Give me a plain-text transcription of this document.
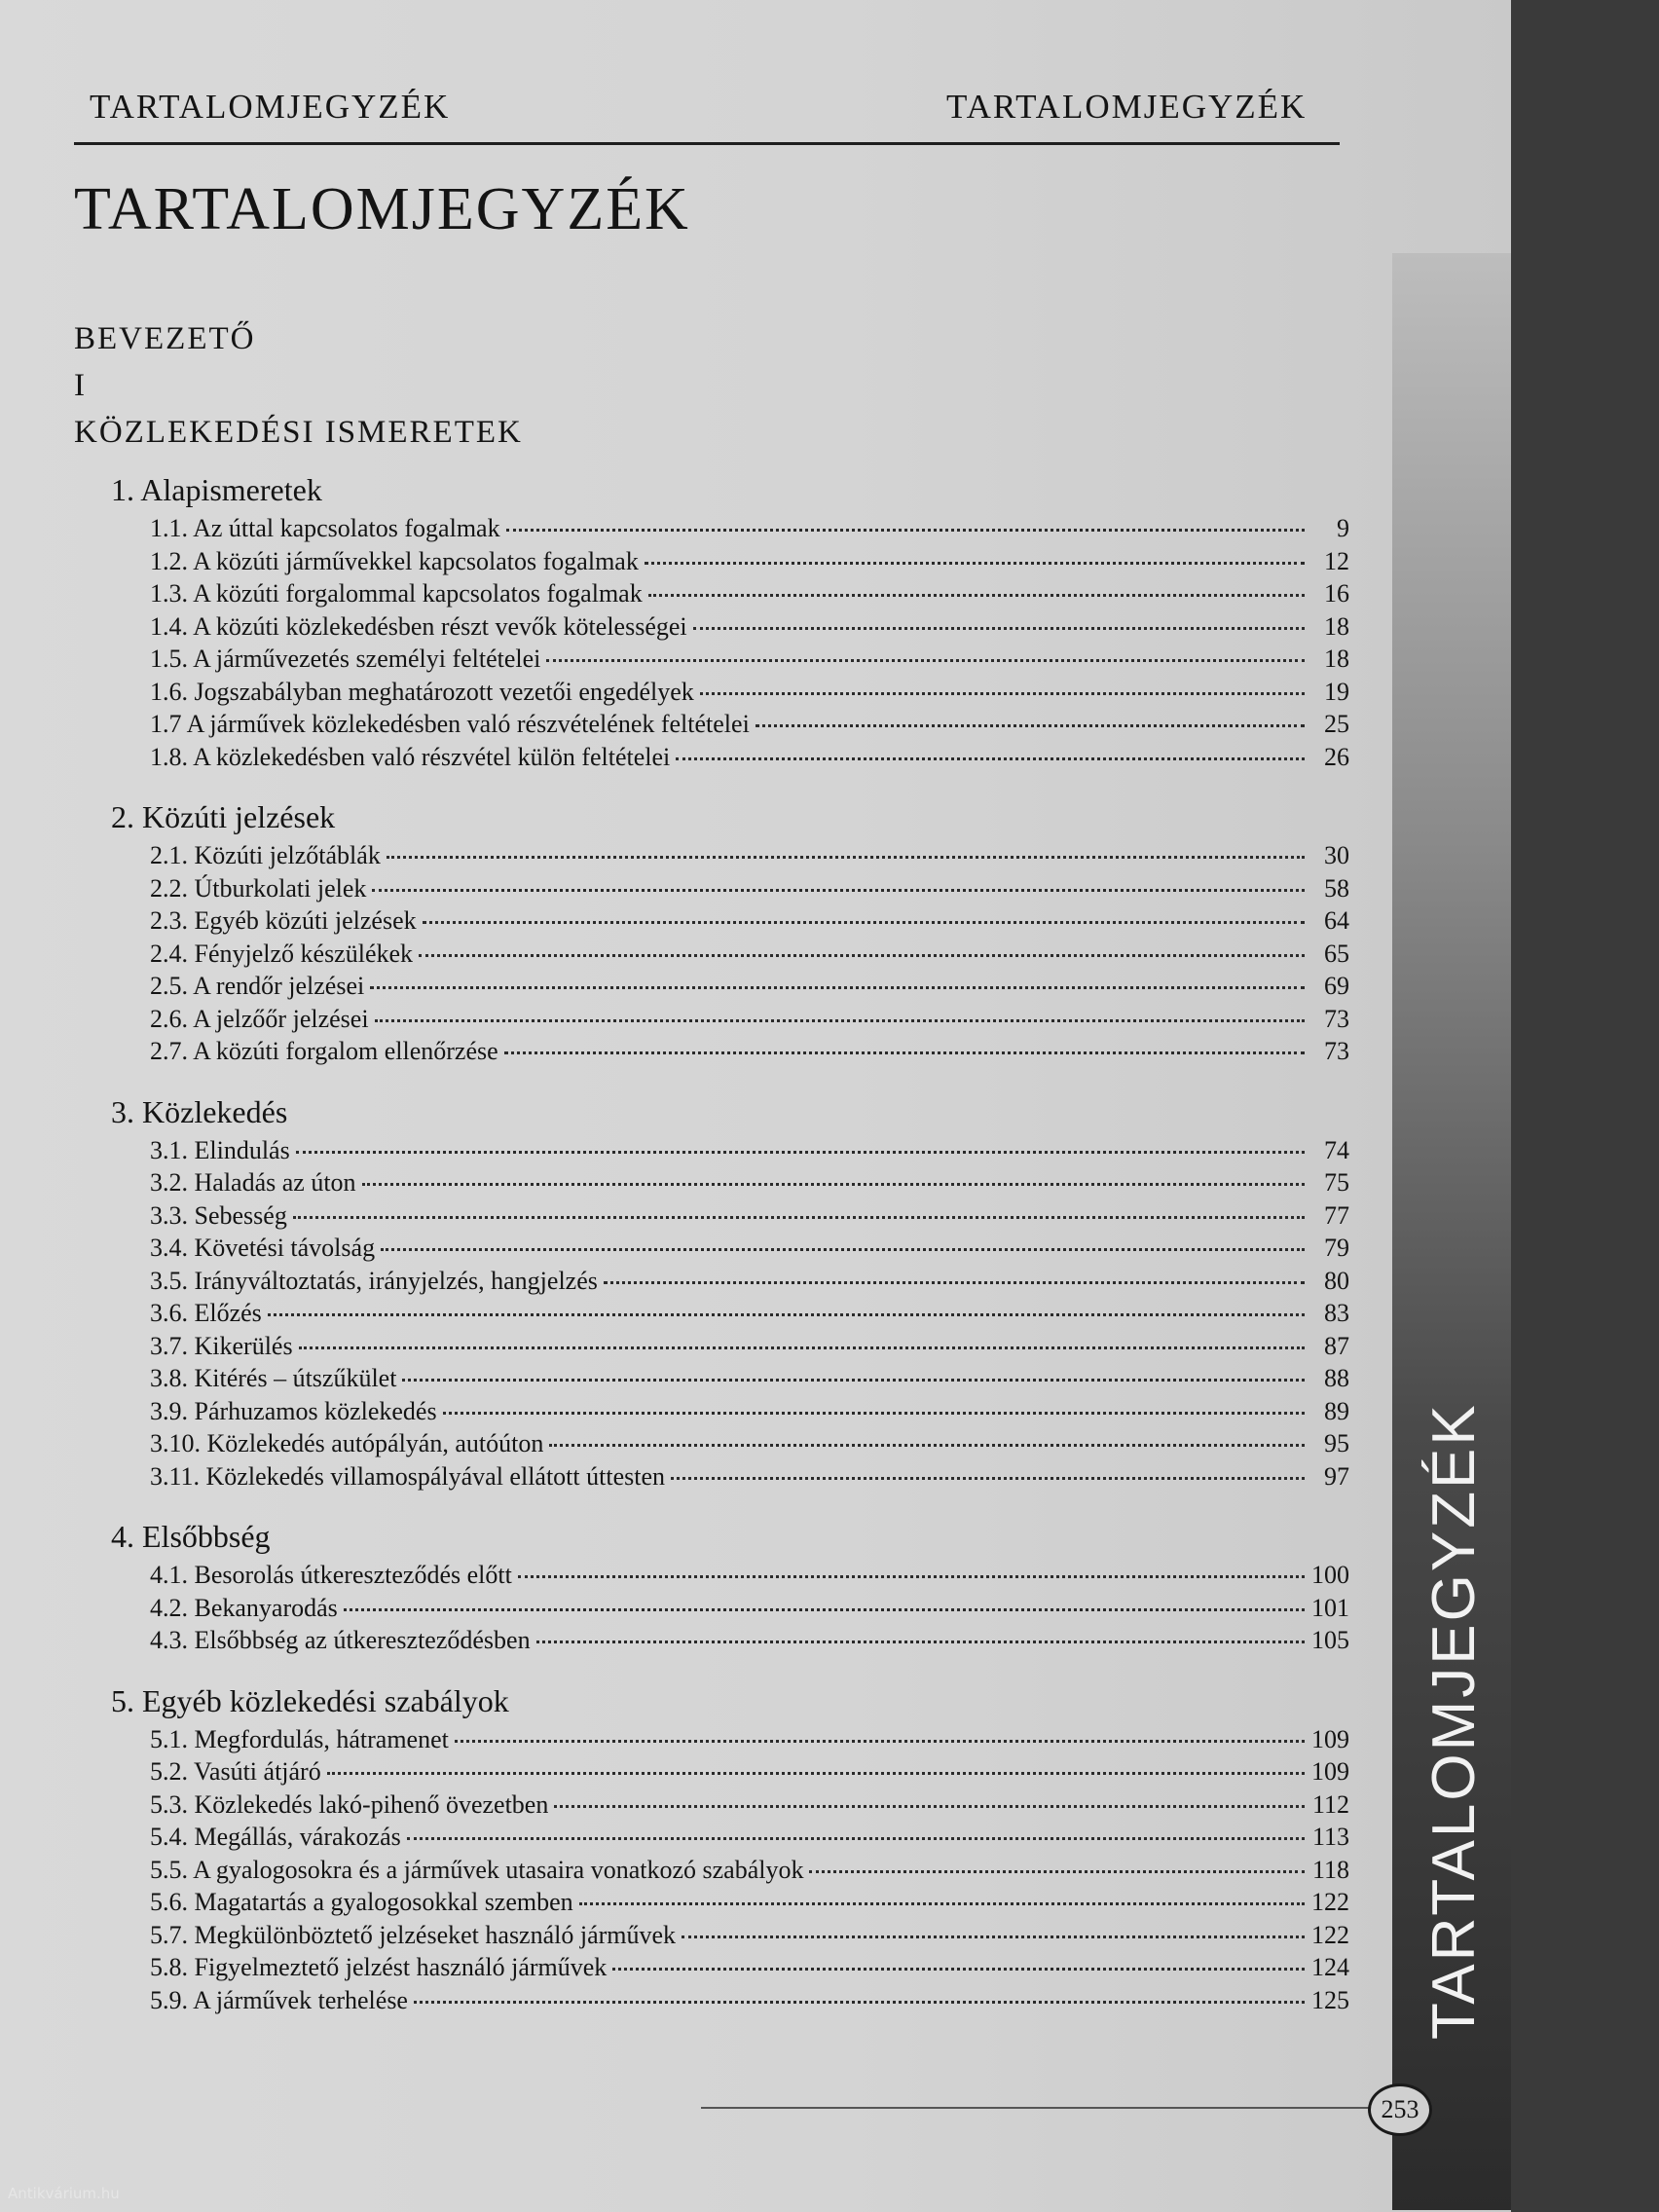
TARTALOMJEGYZÉK	TARTALOMJEGYZÉK
TARTALOMJEGYZÉK
BEVEZETŐ
I
KÖZLEKEDÉSI ISMERETEK
1. Alapismeretek
1.1. Az úttal kapcsolatos fogalmak	9
1.2. A közúti járművekkel kapcsolatos fogalmak	12
1.3. A közúti forgalommal kapcsolatos fogalmak	16
1.4. A közúti közlekedésben részt vevők kötelességei	18
1.5. A járművezetés személyi feltételei	18
1.6. Jogszabályban meghatározott vezetői engedélyek	19
1.7 A járművek közlekedésben való részvételének feltételei	25
1.8. A közlekedésben való részvétel külön feltételei	26
2. Közúti jelzések
2.1. Közúti jelzőtáblák	30
2.2. Útburkolati jelek	58
2.3. Egyéb közúti jelzések	64
2.4. Fényjelző készülékek	65
2.5. A rendőr jelzései	69
2.6. A jelzőőr jelzései	73
2.7. A közúti forgalom ellenőrzése	73
3. Közlekedés
3.1. Elindulás	74
3.2. Haladás az úton	75
3.3. Sebesség	77
3.4. Követési távolság	79
3.5. Irányváltoztatás, irányjelzés, hangjelzés	80
3.6. Előzés	83
3.7. Kikerülés	87
3.8. Kitérés – útszűkület	88
3.9. Párhuzamos közlekedés	89
3.10. Közlekedés autópályán, autóúton	95
3.11. Közlekedés villamospályával ellátott úttesten	97
4. Elsőbbség
4.1. Besorolás útkereszteződés előtt	100
4.2. Bekanyarodás	101
4.3. Elsőbbség az útkereszteződésben	105
5. Egyéb közlekedési szabályok
5.1. Megfordulás, hátramenet	109
5.2. Vasúti átjáró	109
5.3. Közlekedés lakó-pihenő övezetben	112
5.4. Megállás, várakozás	113
5.5. A gyalogosokra és a járművek utasaira vonatkozó szabályok	118
5.6. Magatartás a gyalogosokkal szemben	122
5.7. Megkülönböztető jelzéseket használó járművek	122
5.8. Figyelmeztető jelzést használó járművek	124
5.9. A járművek terhelése	125 TARTALOMJEGYZÉK
253
Antikvárium.hu
